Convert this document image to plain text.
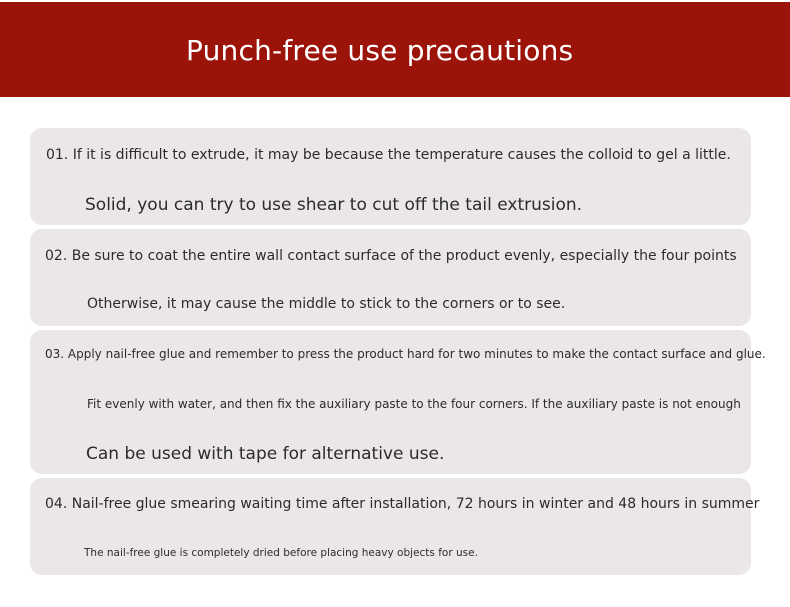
Punch-free use precautions
01. If it is difficult to extrude, it may be because the temperature causes the colloid to gel a little.
Solid, you can try to use shear to cut off the tail extrusion.
02. Be sure to coat the entire wall contact surface of the product evenly, especially the four points
Otherwise, it may cause the middle to stick to the corners or to see.
03. Apply nail-free glue and remember to press the product hard for two minutes to make the contact surface and glue.
Fit evenly with water, and then fix the auxiliary paste to the four corners. If the auxiliary paste is not enough
Can be used with tape for alternative use.
04. Nail-free glue smearing waiting time after installation, 72 hours in winter and 48 hours in summer
The nail-free glue is completely dried before placing heavy objects for use.
